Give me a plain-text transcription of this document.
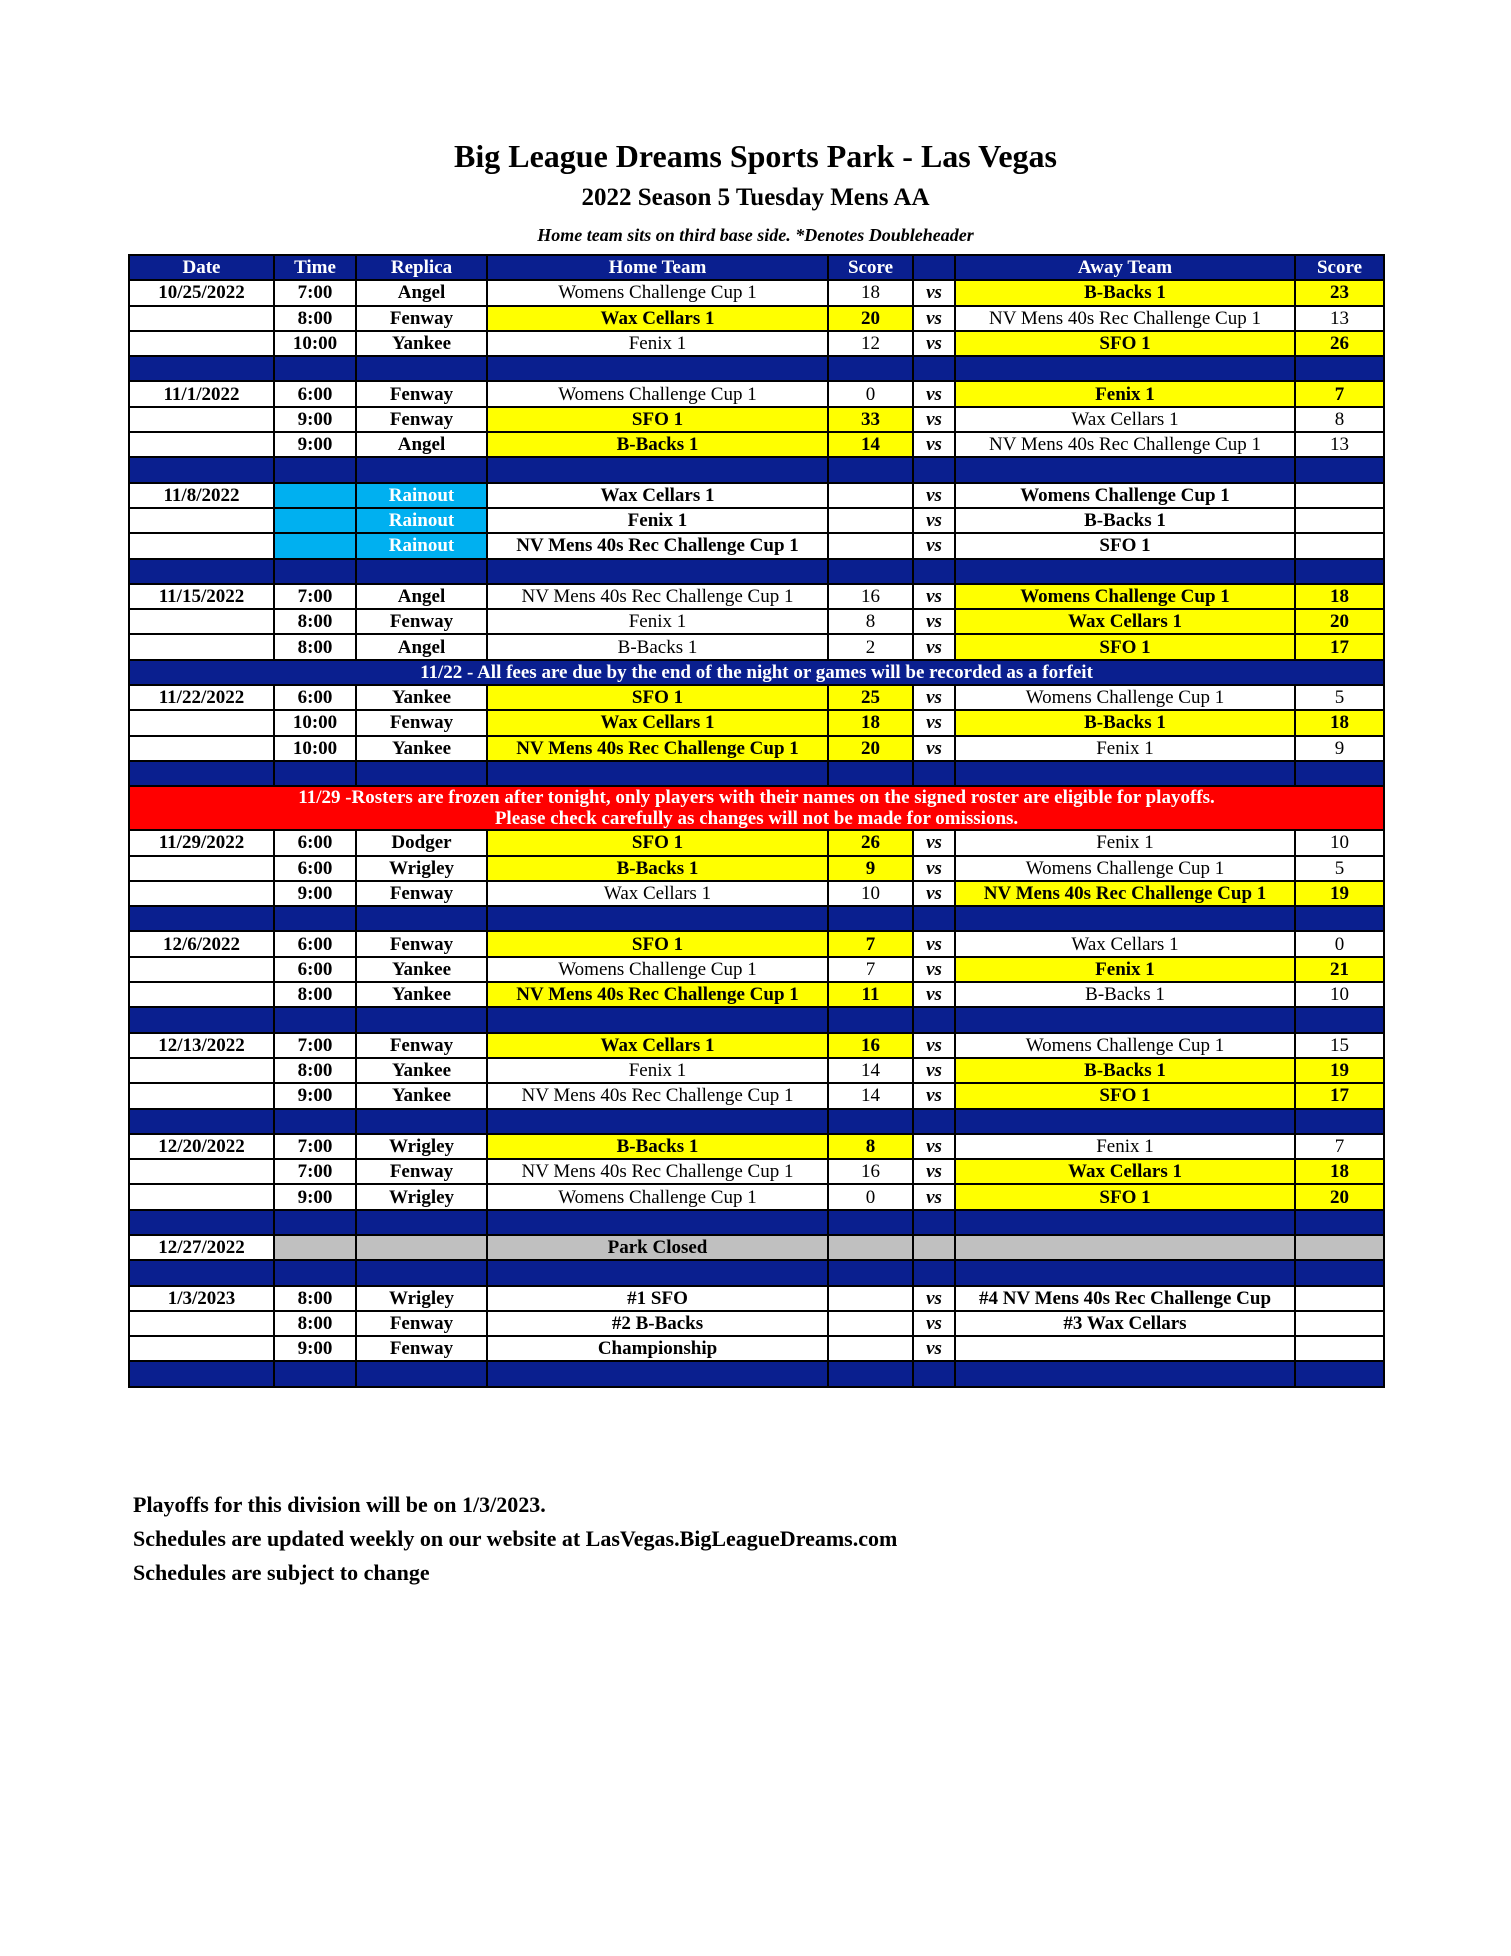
Big League Dreams Sports Park - Las Vegas
2022 Season 5 Tuesday Mens AA
Home team sits on third base side. *Denotes Doubleheader
Date	Time	Replica	Home Team	Score		Away Team	Score
10/25/2022	7:00	Angel	Womens Challenge Cup 1	18	vs	B-Backs 1	23
	8:00	Fenway	Wax Cellars 1	20	vs	NV Mens 40s Rec Challenge Cup 1	13
	10:00	Yankee	Fenix 1	12	vs	SFO 1	26

11/1/2022	6:00	Fenway	Womens Challenge Cup 1	0	vs	Fenix 1	7
	9:00	Fenway	SFO 1	33	vs	Wax Cellars 1	8
	9:00	Angel	B-Backs 1	14	vs	NV Mens 40s Rec Challenge Cup 1	13

11/8/2022		Rainout	Wax Cellars 1		vs	Womens Challenge Cup 1	
		Rainout	Fenix 1		vs	B-Backs 1	
		Rainout	NV Mens 40s Rec Challenge Cup 1		vs	SFO 1	

11/15/2022	7:00	Angel	NV Mens 40s Rec Challenge Cup 1	16	vs	Womens Challenge Cup 1	18
	8:00	Fenway	Fenix 1	8	vs	Wax Cellars 1	20
	8:00	Angel	B-Backs 1	2	vs	SFO 1	17
11/22 - All fees are due by the end of the night or games will be recorded as a forfeit							
11/22/2022	6:00	Yankee	SFO 1	25	vs	Womens Challenge Cup 1	5
	10:00	Fenway	Wax Cellars 1	18	vs	B-Backs 1	18
	10:00	Yankee	NV Mens 40s Rec Challenge Cup 1	20	vs	Fenix 1	9

11/29 -Rosters are frozen after tonight, only players with their names on the signed roster are eligible for playoffs.
Please check carefully as changes will not be made for omissions.							

11/29/2022	6:00	Dodger	SFO 1	26	vs	Fenix 1	10
	6:00	Wrigley	B-Backs 1	9	vs	Womens Challenge Cup 1	5
	9:00	Fenway	Wax Cellars 1	10	vs	NV Mens 40s Rec Challenge Cup 1	19

12/6/2022	6:00	Fenway	SFO 1	7	vs	Wax Cellars 1	0
	6:00	Yankee	Womens Challenge Cup 1	7	vs	Fenix 1	21
	8:00	Yankee	NV Mens 40s Rec Challenge Cup 1	11	vs	B-Backs 1	10

12/13/2022	7:00	Fenway	Wax Cellars 1	16	vs	Womens Challenge Cup 1	15
	8:00	Yankee	Fenix 1	14	vs	B-Backs 1	19
	9:00	Yankee	NV Mens 40s Rec Challenge Cup 1	14	vs	SFO 1	17

12/20/2022	7:00	Wrigley	B-Backs 1	8	vs	Fenix 1	7
	7:00	Fenway	NV Mens 40s Rec Challenge Cup 1	16	vs	Wax Cellars 1	18
	9:00	Wrigley	Womens Challenge Cup 1	0	vs	SFO 1	20

12/27/2022			Park Closed				

1/3/2023	8:00	Wrigley	#1 SFO		vs	#4 NV Mens 40s Rec Challenge Cup	
	8:00	Fenway	#2 B-Backs		vs	#3 Wax Cellars	
	9:00	Fenway	Championship		vs		

Playoffs for this division will be on 1/3/2023.
Schedules are updated weekly on our website at LasVegas.BigLeagueDreams.com
Schedules are subject to change
